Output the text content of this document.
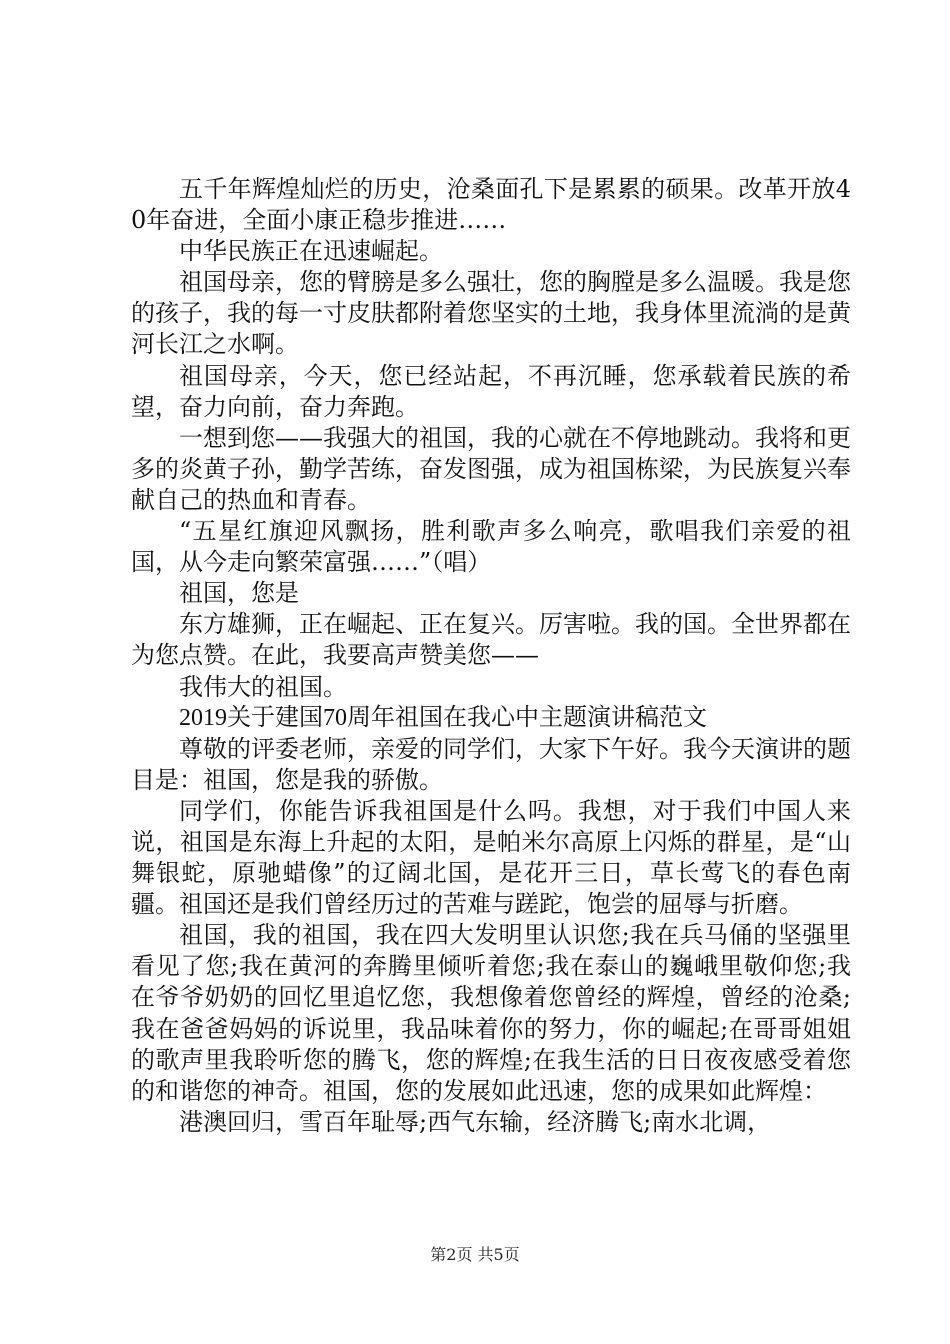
五千年辉煌灿烂的历史，沧桑面孔下是累累的硕果。改革开放40年奋进，全面小康正稳步推进……

中华民族正在迅速崛起。

祖国母亲，您的臂膀是多么强壮，您的胸膛是多么温暖。我是您的孩子，我的每一寸皮肤都附着您坚实的土地，我身体里流淌的是黄河长江之水啊。

祖国母亲，今天，您已经站起，不再沉睡，您承载着民族的希望，奋力向前，奋力奔跑。

一想到您——我强大的祖国，我的心就在不停地跳动。我将和更多的炎黄子孙，勤学苦练，奋发图强，成为祖国栋梁，为民族复兴奉献自己的热血和青春。

“五星红旗迎风飘扬，胜利歌声多么响亮，歌唱我们亲爱的祖国，从今走向繁荣富强……”（唱）

祖国，您是

东方雄狮，正在崛起、正在复兴。厉害啦。我的国。全世界都在为您点赞。在此，我要高声赞美您——

我伟大的祖国。

2019关于建国70周年祖国在我心中主题演讲稿范文

尊敬的评委老师，亲爱的同学们，大家下午好。我今天演讲的题目是：祖国，您是我的骄傲。

同学们，你能告诉我祖国是什么吗。我想，对于我们中国人来说，祖国是东海上升起的太阳，是帕米尔高原上闪烁的群星，是“山舞银蛇，原驰蜡像”的辽阔北国，是花开三日，草长莺飞的春色南疆。祖国还是我们曾经历过的苦难与蹉跎，饱尝的屈辱与折磨。

祖国，我的祖国，我在四大发明里认识您;我在兵马俑的坚强里看见了您;我在黄河的奔腾里倾听着您;我在泰山的巍峨里敬仰您;我在爷爷奶奶的回忆里追忆您，我想像着您曾经的辉煌，曾经的沧桑;我在爸爸妈妈的诉说里，我品味着你的努力，你的崛起;在哥哥姐姐的歌声里我聆听您的腾飞，您的辉煌;在我生活的日日夜夜感受着您的和谐您的神奇。祖国，您的发展如此迅速，您的成果如此辉煌：

港澳回归，雪百年耻辱;西气东输，经济腾飞;南水北调，

第2页 共5页
